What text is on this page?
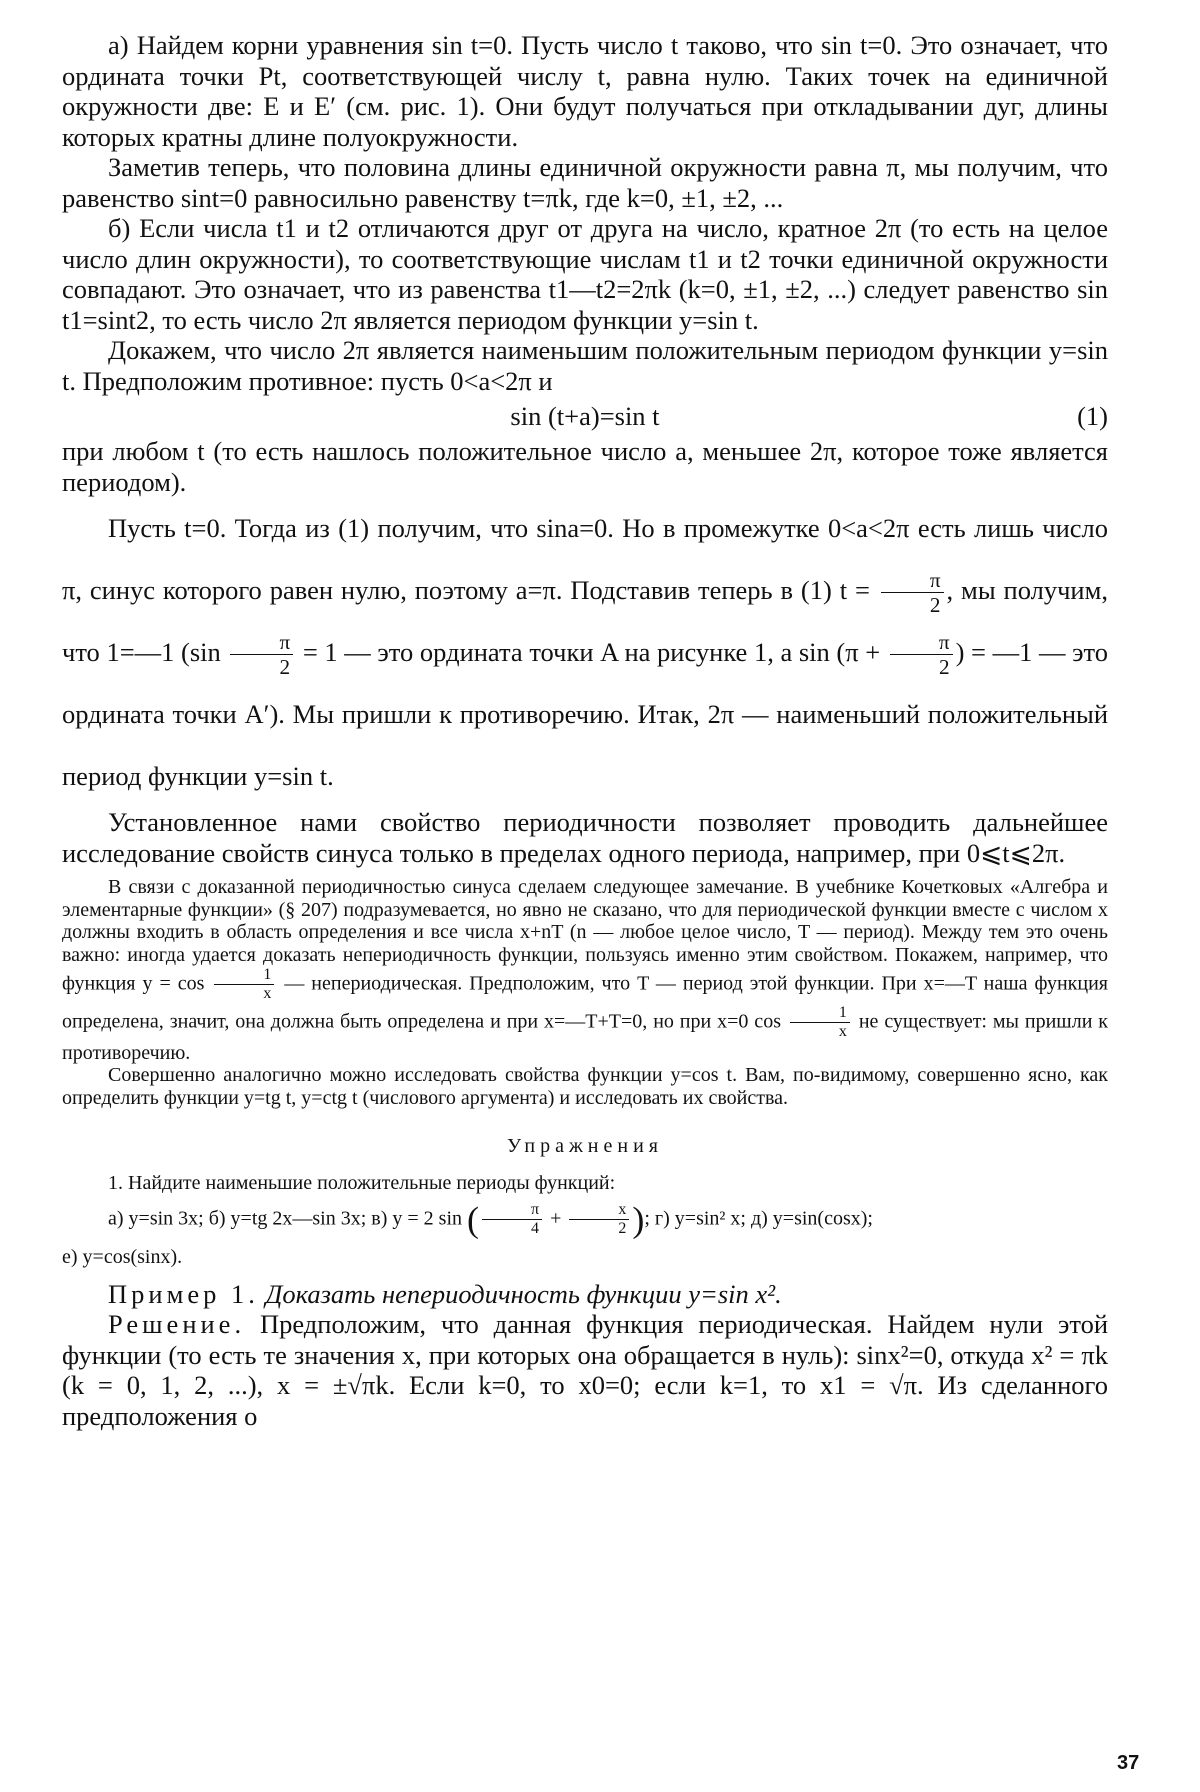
а) Найдем корни уравнения sin t=0. Пусть число t таково, что sin t=0. Это означает, что ордината точки Pt, соответствующей числу t, равна нулю. Таких точек на единичной окружности две: E и E′ (см. рис. 1). Они будут получаться при откладывании дуг, длины которых кратны длине полуокружности.

Заметив теперь, что половина длины единичной окружности равна π, мы получим, что равенство sint=0 равносильно равенству t=πk, где k=0, ±1, ±2, ...

б) Если числа t1 и t2 отличаются друг от друга на число, кратное 2π (то есть на целое число длин окружности), то соответствующие числам t1 и t2 точки единичной окружности совпадают. Это означает, что из равенства t1—t2=2πk (k=0, ±1, ±2, ...) следует равенство sin t1=sint2, то есть число 2π является периодом функции y=sin t.

Докажем, что число 2π является наименьшим положительным периодом функции y=sin t. Предположим противное: пусть 0<a<2π и

sin (t+a)=sin t	(1)

при любом t (то есть нашлось положительное число a, меньшее 2π, которое тоже является периодом).

Пусть t=0. Тогда из (1) получим, что sina=0. Но в промежутке 0<a<2π есть лишь число π, синус которого равен нулю, поэтому a=π. Подставив теперь в (1) $t = \frac{\pi}{2}$ , мы получим, что 1=—1 ($\sin \frac{\pi}{2} = 1$ — это ордината точки A на рисунке 1, а $\sin (\pi + \frac{\pi}{2}$ ) = —1 — это ордината точки A′). Мы пришли к противоречию. Итак, 2π — наименьший положительный период функции y=sin t.

Установленное нами свойство периодичности позволяет проводить дальнейшее исследование свойств синуса только в пределах одного периода, например, при 0⩽t⩽2π.

В связи с доказанной периодичностью синуса сделаем следующее замечание. В учебнике Кочетковых «Алгебра и элементарные функции» (§ 207) подразумевается, но явно не сказано, что для периодической функции вместе с числом x должны входить в область определения и все числа x+nT (n — любое целое число, T — период). Между тем это очень важно: иногда удается доказать непериодичность функции, пользуясь именно этим свойством. Покажем, например, что функция $y = \cos \frac{1}{x}$ — непериодическая. Предположим, что T — период этой функции. При x=—T наша функция определена, значит, она должна быть определена и при x=—T+T=0, но при x=0 $\cos \frac{1}{x}$ не существует: мы пришли к противоречию.

Совершенно аналогично можно исследовать свойства функции y=cos t. Вам, по-видимому, совершенно ясно, как определить функции y=tg t, y=ctg t (числового аргумента) и исследовать их свойства.

Упражнения

1. Найдите наименьшие положительные периоды функций:

а) y=sin 3x; б) y=tg 2x—sin 3x; в) y = 2 sin ( $\frac{\pi}{4} + \frac{x}{2}$ ); г) y=sin² x; д) y=sin(cosx);

е) y=cos(sinx).

Пример 1. Доказать непериодичность функции y=sin x².

Решение. Предположим, что данная функция периодическая. Найдем нули этой функции (то есть те значения x, при которых она обращается в нуль): sinx²=0, откуда x² = πk (k = 0, 1, 2, ...), x = ±√πk. Если k=0, то x0=0; если k=1, то x1 = √π. Из сделанного предположения о

37
